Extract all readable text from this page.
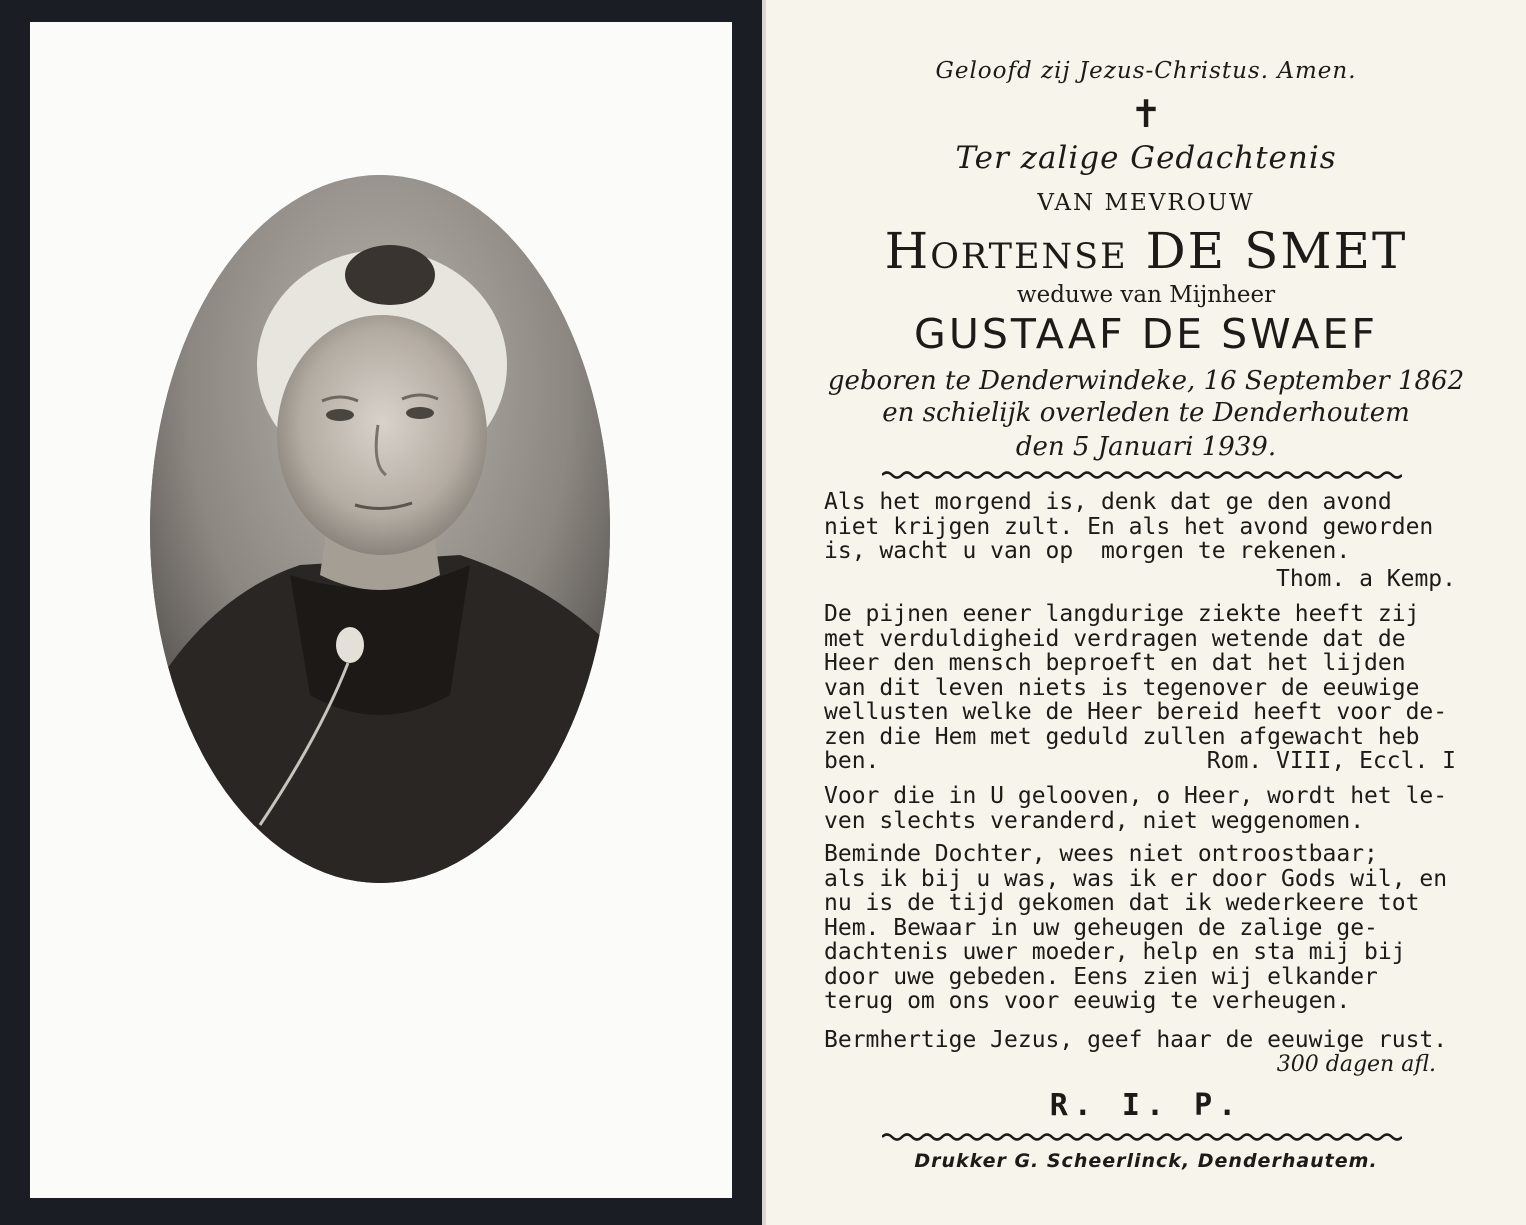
Geloofd zij Jezus-Christus. Amen.
✝
Ter zalige Gedachtenis
VAN MEVROUW
Hortense DE SMET
weduwe van Mijnheer
GUSTAAF DE SWAEF
geboren te Denderwindeke, 16 September 1862
en schielijk overleden te Denderhoutem
den 5 Januari 1939.
Als het morgend is, denk dat ge den avond
niet krijgen zult. En als het avond geworden
is, wacht u van op  morgen te rekenen.
Thom. a Kemp.
De pijnen eener langdurige ziekte heeft zij
met verduldigheid verdragen wetende dat de
Heer den mensch beproeft en dat het lijden
van dit leven niets is tegenover de eeuwige
wellusten welke de Heer bereid heeft voor de-
zen die Hem met geduld zullen afgewacht heb
ben.	Rom. VIII, Eccl. I
Voor die in U gelooven, o Heer, wordt het le-
ven slechts veranderd, niet weggenomen.
Beminde Dochter, wees niet ontroostbaar;
als ik bij u was, was ik er door Gods wil, en
nu is de tijd gekomen dat ik wederkeere tot
Hem. Bewaar in uw geheugen de zalige ge-
dachtenis uwer moeder, help en sta mij bij
door uwe gebeden. Eens zien wij elkander
terug om ons voor eeuwig te verheugen.
Bermhertige Jezus, geef haar de eeuwige rust.
300 dagen afl.
R. I. P.
Drukker G. Scheerlinck, Denderhautem.
